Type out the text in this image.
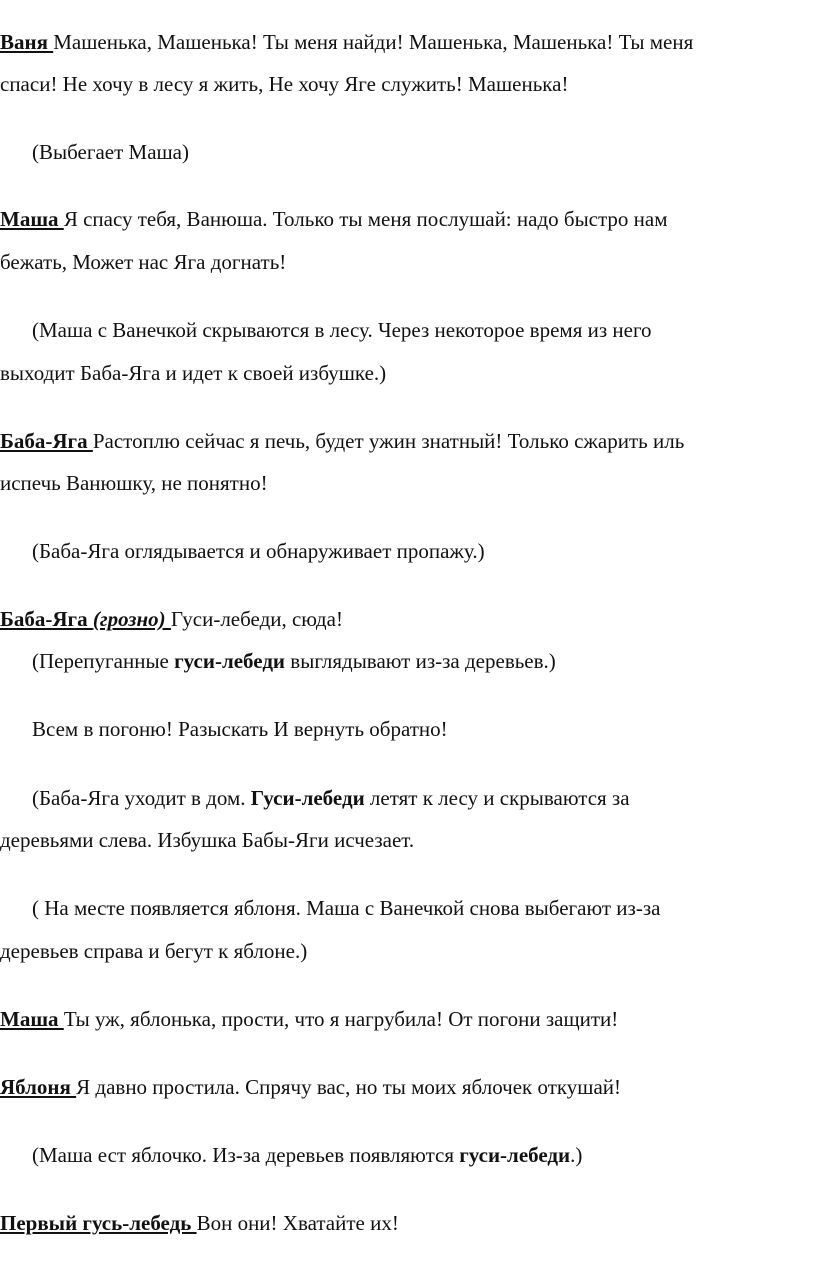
Ваня Машенька, Машенька! Ты меня найди! Машенька, Машенька! Ты меня
спаси! Не хочу в лесу я жить, Не хочу Яге служить! Машенька!
(Выбегает Маша)
Маша Я спасу тебя, Ванюша. Только ты меня послушай: надо быстро нам
бежать, Может нас Яга догнать!
(Маша с Ванечкой скрываются в лесу. Через некоторое время из него
выходит Баба-Яга и идет к своей избушке.)
Баба-Яга Растоплю сейчас я печь, будет ужин знатный! Только сжарить иль
испечь Ванюшку, не понятно!
(Баба-Яга оглядывается и обнаруживает пропажу.)
Баба-Яга (грозно) Гуси-лебеди, сюда!
(Перепуганные гуси-лебеди выглядывают из-за деревьев.)
Всем в погоню! Разыскать И вернуть обратно!
(Баба-Яга уходит в дом. Гуси-лебеди летят к лесу и скрываются за
деревьями слева. Избушка Бабы-Яги исчезает.
( На месте появляется яблоня. Маша с Ванечкой снова выбегают из-за
деревьев справа и бегут к яблоне.)
Маша Ты уж, яблонька, прости, что я нагрубила! От погони защити!
Яблоня Я давно простила. Спрячу вас, но ты моих яблочек откушай!
(Маша ест яблочко. Из-за деревьев появляются гуси-лебеди.)
Первый гусь-лебедь Вон они! Хватайте их!
